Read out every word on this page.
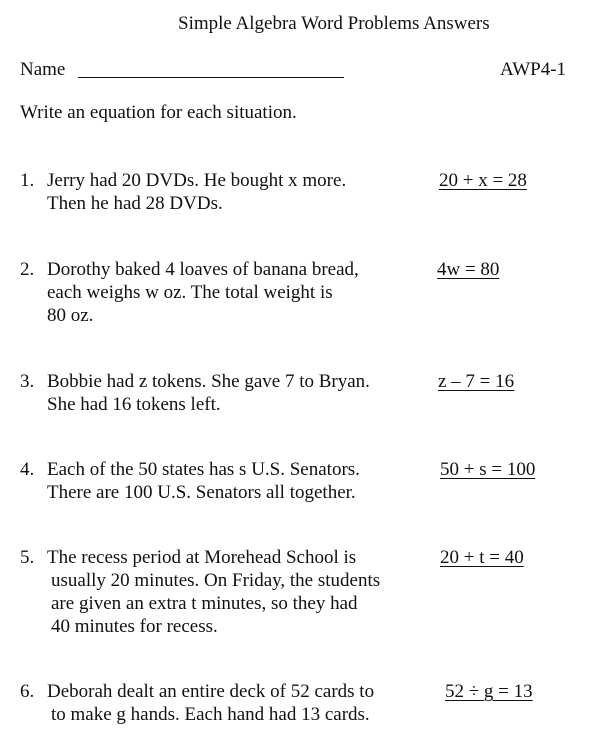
Simple Algebra Word Problems Answers
Name	AWP4-1
Write an equation for each situation.
1. Jerry had 20 DVDs. He bought x more.
Then he had 28 DVDs.
20 + x = 28
2. Dorothy baked 4 loaves of banana bread,
each weighs w oz. The total weight is
80 oz.
4w = 80
3. Bobbie had z tokens. She gave 7 to Bryan.
She had 16 tokens left.
z – 7 = 16
4. Each of the 50 states has s U.S. Senators.
There are 100 U.S. Senators all together.
50 + s = 100
5. The recess period at Morehead School is
usually 20 minutes. On Friday, the students
are given an extra t minutes, so they had
40 minutes for recess.
20 + t = 40
6. Deborah dealt an entire deck of 52 cards to
to make g hands. Each hand had 13 cards.
52 ÷ g = 13
